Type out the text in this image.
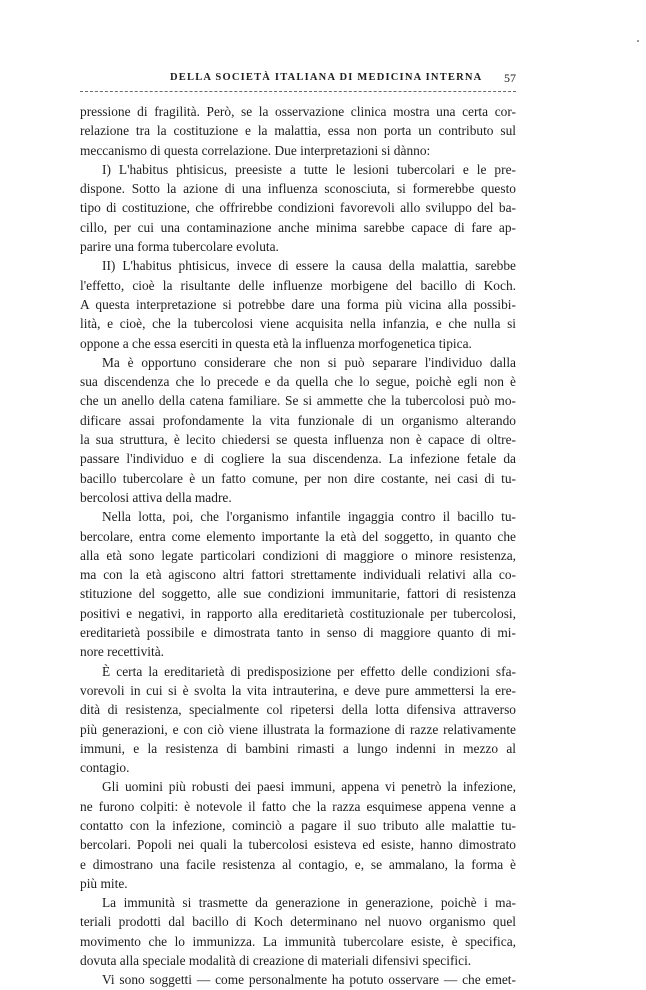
DELLA SOCIETÀ ITALIANA DI MEDICINA INTERNA 57
pressione di fragilità. Però, se la osservazione clinica mostra una certa cor-
relazione tra la costituzione e la malattia, essa non porta un contributo sul
meccanismo di questa correlazione. Due interpretazioni si dànno:
I) L'habitus phtisicus, preesiste a tutte le lesioni tubercolari e le pre-
dispone. Sotto la azione di una influenza sconosciuta, si formerebbe questo
tipo di costituzione, che offrirebbe condizioni favorevoli allo sviluppo del ba-
cillo, per cui una contaminazione anche minima sarebbe capace di fare ap-
parire una forma tubercolare evoluta.
II) L'habitus phtisicus, invece di essere la causa della malattia, sarebbe
l'effetto, cioè la risultante delle influenze morbigene del bacillo di Koch.
A questa interpretazione si potrebbe dare una forma più vicina alla possibi-
lità, e cioè, che la tubercolosi viene acquisita nella infanzia, e che nulla si
oppone a che essa eserciti in questa età la influenza morfogenetica tipica.
Ma è opportuno considerare che non si può separare l'individuo dalla
sua discendenza che lo precede e da quella che lo segue, poichè egli non è
che un anello della catena familiare. Se si ammette che la tubercolosi può mo-
dificare assai profondamente la vita funzionale di un organismo alterando
la sua struttura, è lecito chiedersi se questa influenza non è capace di oltre-
passare l'individuo e di cogliere la sua discendenza. La infezione fetale da
bacillo tubercolare è un fatto comune, per non dire costante, nei casi di tu-
bercolosi attiva della madre.
Nella lotta, poi, che l'organismo infantile ingaggia contro il bacillo tu-
bercolare, entra come elemento importante la età del soggetto, in quanto che
alla età sono legate particolari condizioni di maggiore o minore resistenza,
ma con la età agiscono altri fattori strettamente individuali relativi alla co-
stituzione del soggetto, alle sue condizioni immunitarie, fattori di resistenza
positivi e negativi, in rapporto alla ereditarietà costituzionale per tubercolosi,
ereditarietà possibile e dimostrata tanto in senso di maggiore quanto di mi-
nore recettività.
È certa la ereditarietà di predisposizione per effetto delle condizioni sfa-
vorevoli in cui si è svolta la vita intrauterina, e deve pure ammettersi la ere-
dità di resistenza, specialmente col ripetersi della lotta difensiva attraverso
più generazioni, e con ciò viene illustrata la formazione di razze relativamente
immuni, e la resistenza di bambini rimasti a lungo indenni in mezzo al
contagio.
Gli uomini più robusti dei paesi immuni, appena vi penetrò la infezione,
ne furono colpiti: è notevole il fatto che la razza esquimese appena venne a
contatto con la infezione, cominciò a pagare il suo tributo alle malattie tu-
bercolari. Popoli nei quali la tubercolosi esisteva ed esiste, hanno dimostrato
e dimostrano una facile resistenza al contagio, e, se ammalano, la forma è
più mite.
La immunità si trasmette da generazione in generazione, poichè i ma-
teriali prodotti dal bacillo di Koch determinano nel nuovo organismo quel
movimento che lo immunizza. La immunità tubercolare esiste, è specifica,
dovuta alla speciale modalità di creazione di materiali difensivi specifici.
Vi sono soggetti — come personalmente ha potuto osservare — che emet-
